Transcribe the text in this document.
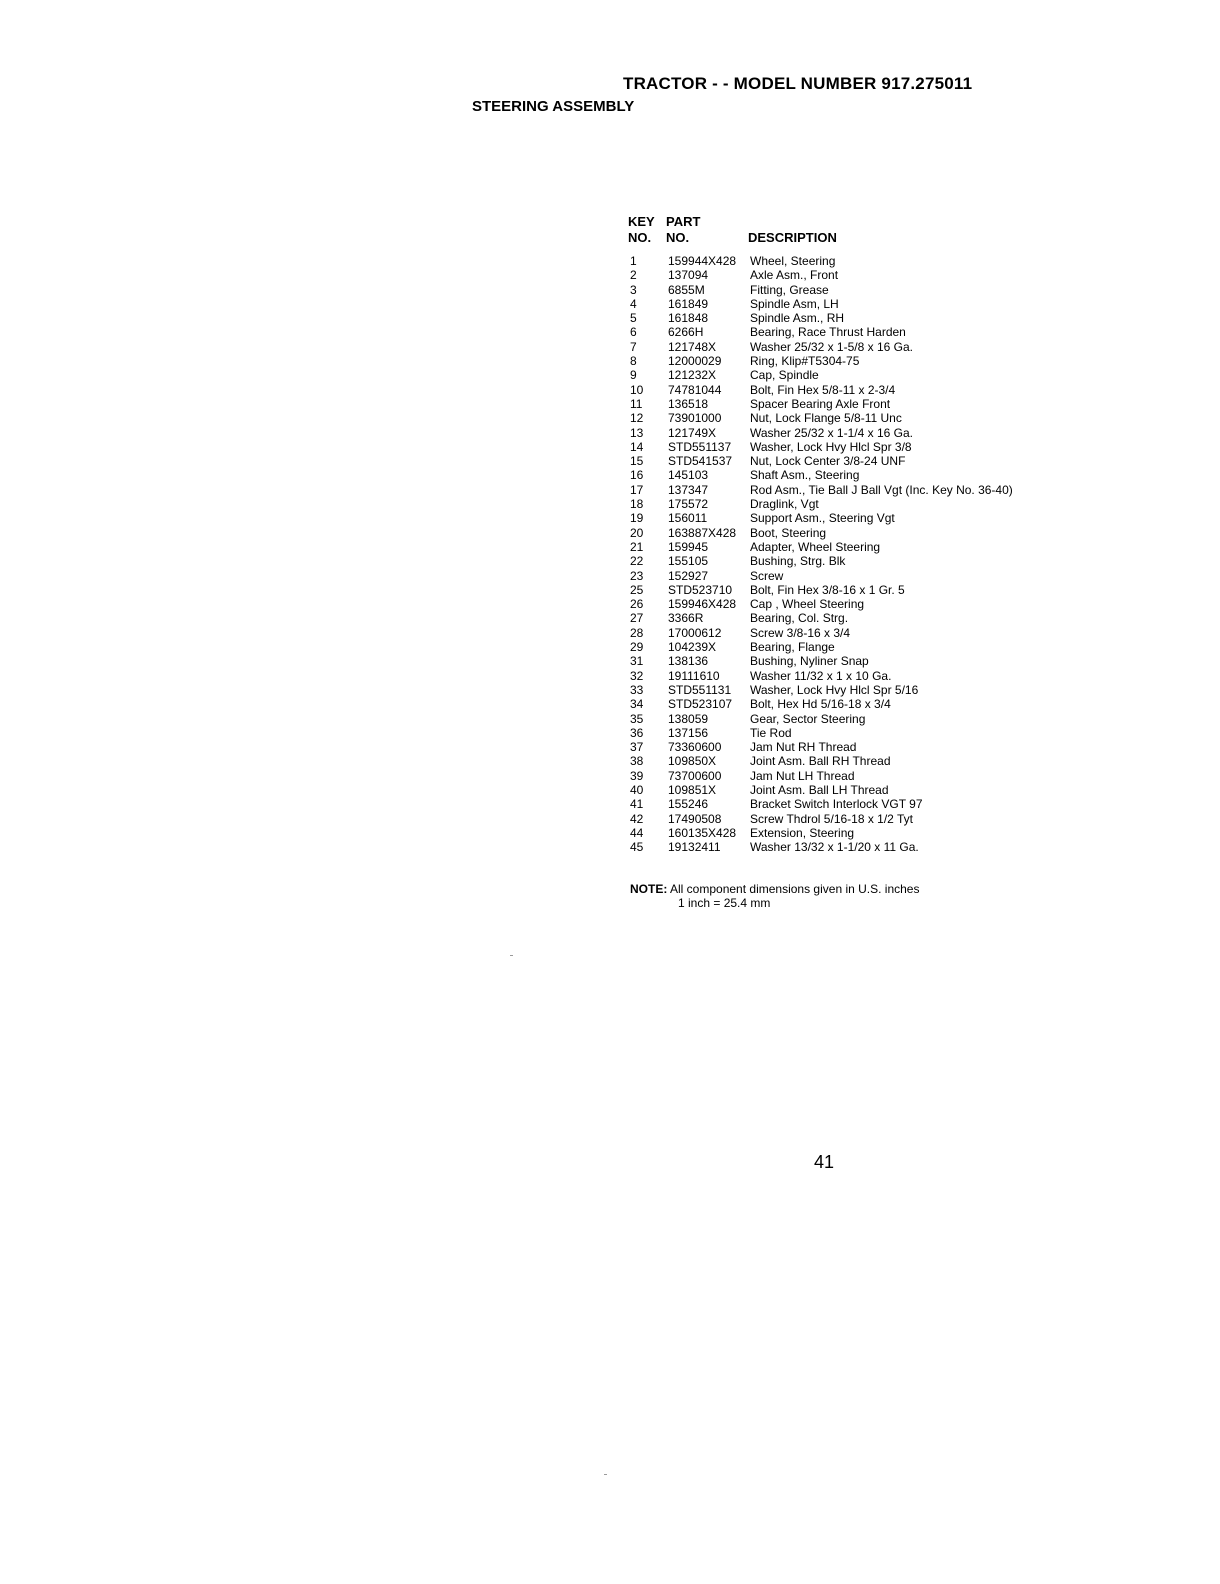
TRACTOR - - MODEL NUMBER 917.275011
STEERING ASSEMBLY
KEY
NO.
PART
NO.	DESCRIPTION
1	159944X428	Wheel, Steering
2	137094	Axle Asm., Front
3	6855M	Fitting, Grease
4	161849	Spindle Asm, LH
5	161848	Spindle Asm., RH
6	6266H	Bearing, Race Thrust Harden
7	121748X	Washer 25/32 x 1-5/8 x 16 Ga.
8	12000029	Ring, Klip#T5304-75
9	121232X	Cap, Spindle
10	74781044	Bolt, Fin Hex 5/8-11 x 2-3/4
11	136518	Spacer Bearing Axle Front
12	73901000	Nut, Lock Flange 5/8-11 Unc
13	121749X	Washer 25/32 x 1-1/4 x 16 Ga.
14	STD551137	Washer, Lock Hvy Hlcl Spr 3/8
15	STD541537	Nut, Lock Center 3/8-24 UNF
16	145103	Shaft Asm., Steering
17	137347	Rod Asm., Tie Ball J Ball Vgt (Inc. Key No. 36-40)
18	175572	Draglink, Vgt
19	156011	Support Asm., Steering Vgt
20	163887X428	Boot, Steering
21	159945	Adapter, Wheel Steering
22	155105	Bushing, Strg. Blk
23	152927	Screw
25	STD523710	Bolt, Fin Hex 3/8-16 x 1 Gr. 5
26	159946X428	Cap , Wheel Steering
27	3366R	Bearing, Col. Strg.
28	17000612	Screw 3/8-16 x 3/4
29	104239X	Bearing, Flange
31	138136	Bushing, Nyliner Snap
32	19111610	Washer 11/32 x 1 x 10 Ga.
33	STD551131	Washer, Lock Hvy Hlcl Spr 5/16
34	STD523107	Bolt, Hex Hd 5/16-18 x 3/4
35	138059	Gear, Sector Steering
36	137156	Tie Rod
37	73360600	Jam Nut RH Thread
38	109850X	Joint Asm. Ball RH Thread
39	73700600	Jam Nut LH Thread
40	109851X	Joint Asm. Ball LH Thread
41	155246	Bracket Switch Interlock VGT 97
42	17490508	Screw Thdrol 5/16-18 x 1/2 Tyt
44	160135X428	Extension, Steering
45	19132411	Washer 13/32 x 1-1/20 x 11 Ga.
NOTE: All component dimensions given in U.S. inches
1 inch = 25.4 mm
41
